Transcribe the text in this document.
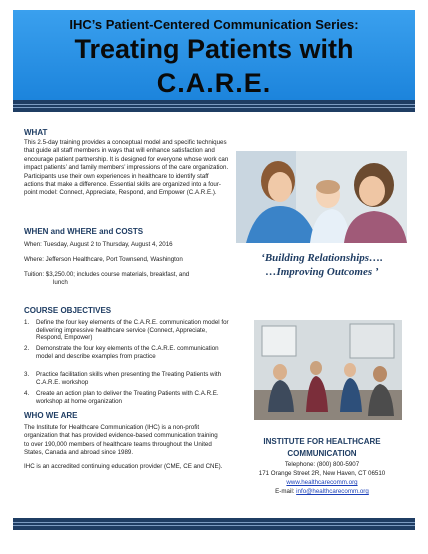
IHC’s Patient-Centered Communication Series:
Treating Patients with
C.A.R.E.
WHAT
This 2.5-day training provides a conceptual model and specific techniques that guide all staff members in ways that will enhance satisfaction and encourage patient partnership. It is designed for everyone whose work can impact patients’ and family members’ impressions of the care organization. Participants use their own experiences in healthcare to identify staff actions that make a difference. Essential skills are organized into a four-point model: Connect, Appreciate, Respond, and Empower (C.A.R.E.).
WHEN and WHERE and COSTS
When: Tuesday, August 2 to Thursday, August 4, 2016
Where: Jefferson Healthcare, Port Townsend, Washington
Tuition: $3,250.00; includes course materials, breakfast, and
lunch
COURSE OBJECTIVES
1. Define the four key elements of the C.A.R.E. communication model for delivering impressive healthcare service (Connect, Appreciate, Respond, Empower)
2. Demonstrate the four key elements of the C.A.R.E. communication model and describe examples from practice
3. Practice facilitation skills when presenting the Treating Patients with C.A.R.E. workshop
4. Create an action plan to deliver the Treating Patients with C.A.R.E. workshop at home organization
WHO WE ARE
The Institute for Healthcare Communication (IHC) is a non-profit organization that has provided evidence-based communication training to over 190,000 members of healthcare teams throughout the United States, Canada and abroad since 1989.
IHC is an accredited continuing education provider (CME, CE and CNE).
‘Building Relationships….
…Improving Outcomes ’
INSTITUTE FOR HEALTHCARE
COMMUNICATION
Telephone: (800) 800-5907
171 Orange Street 2R, New Haven, CT 06510
www.healthcarecomm.org
E-mail: info@healthcarecomm.org
